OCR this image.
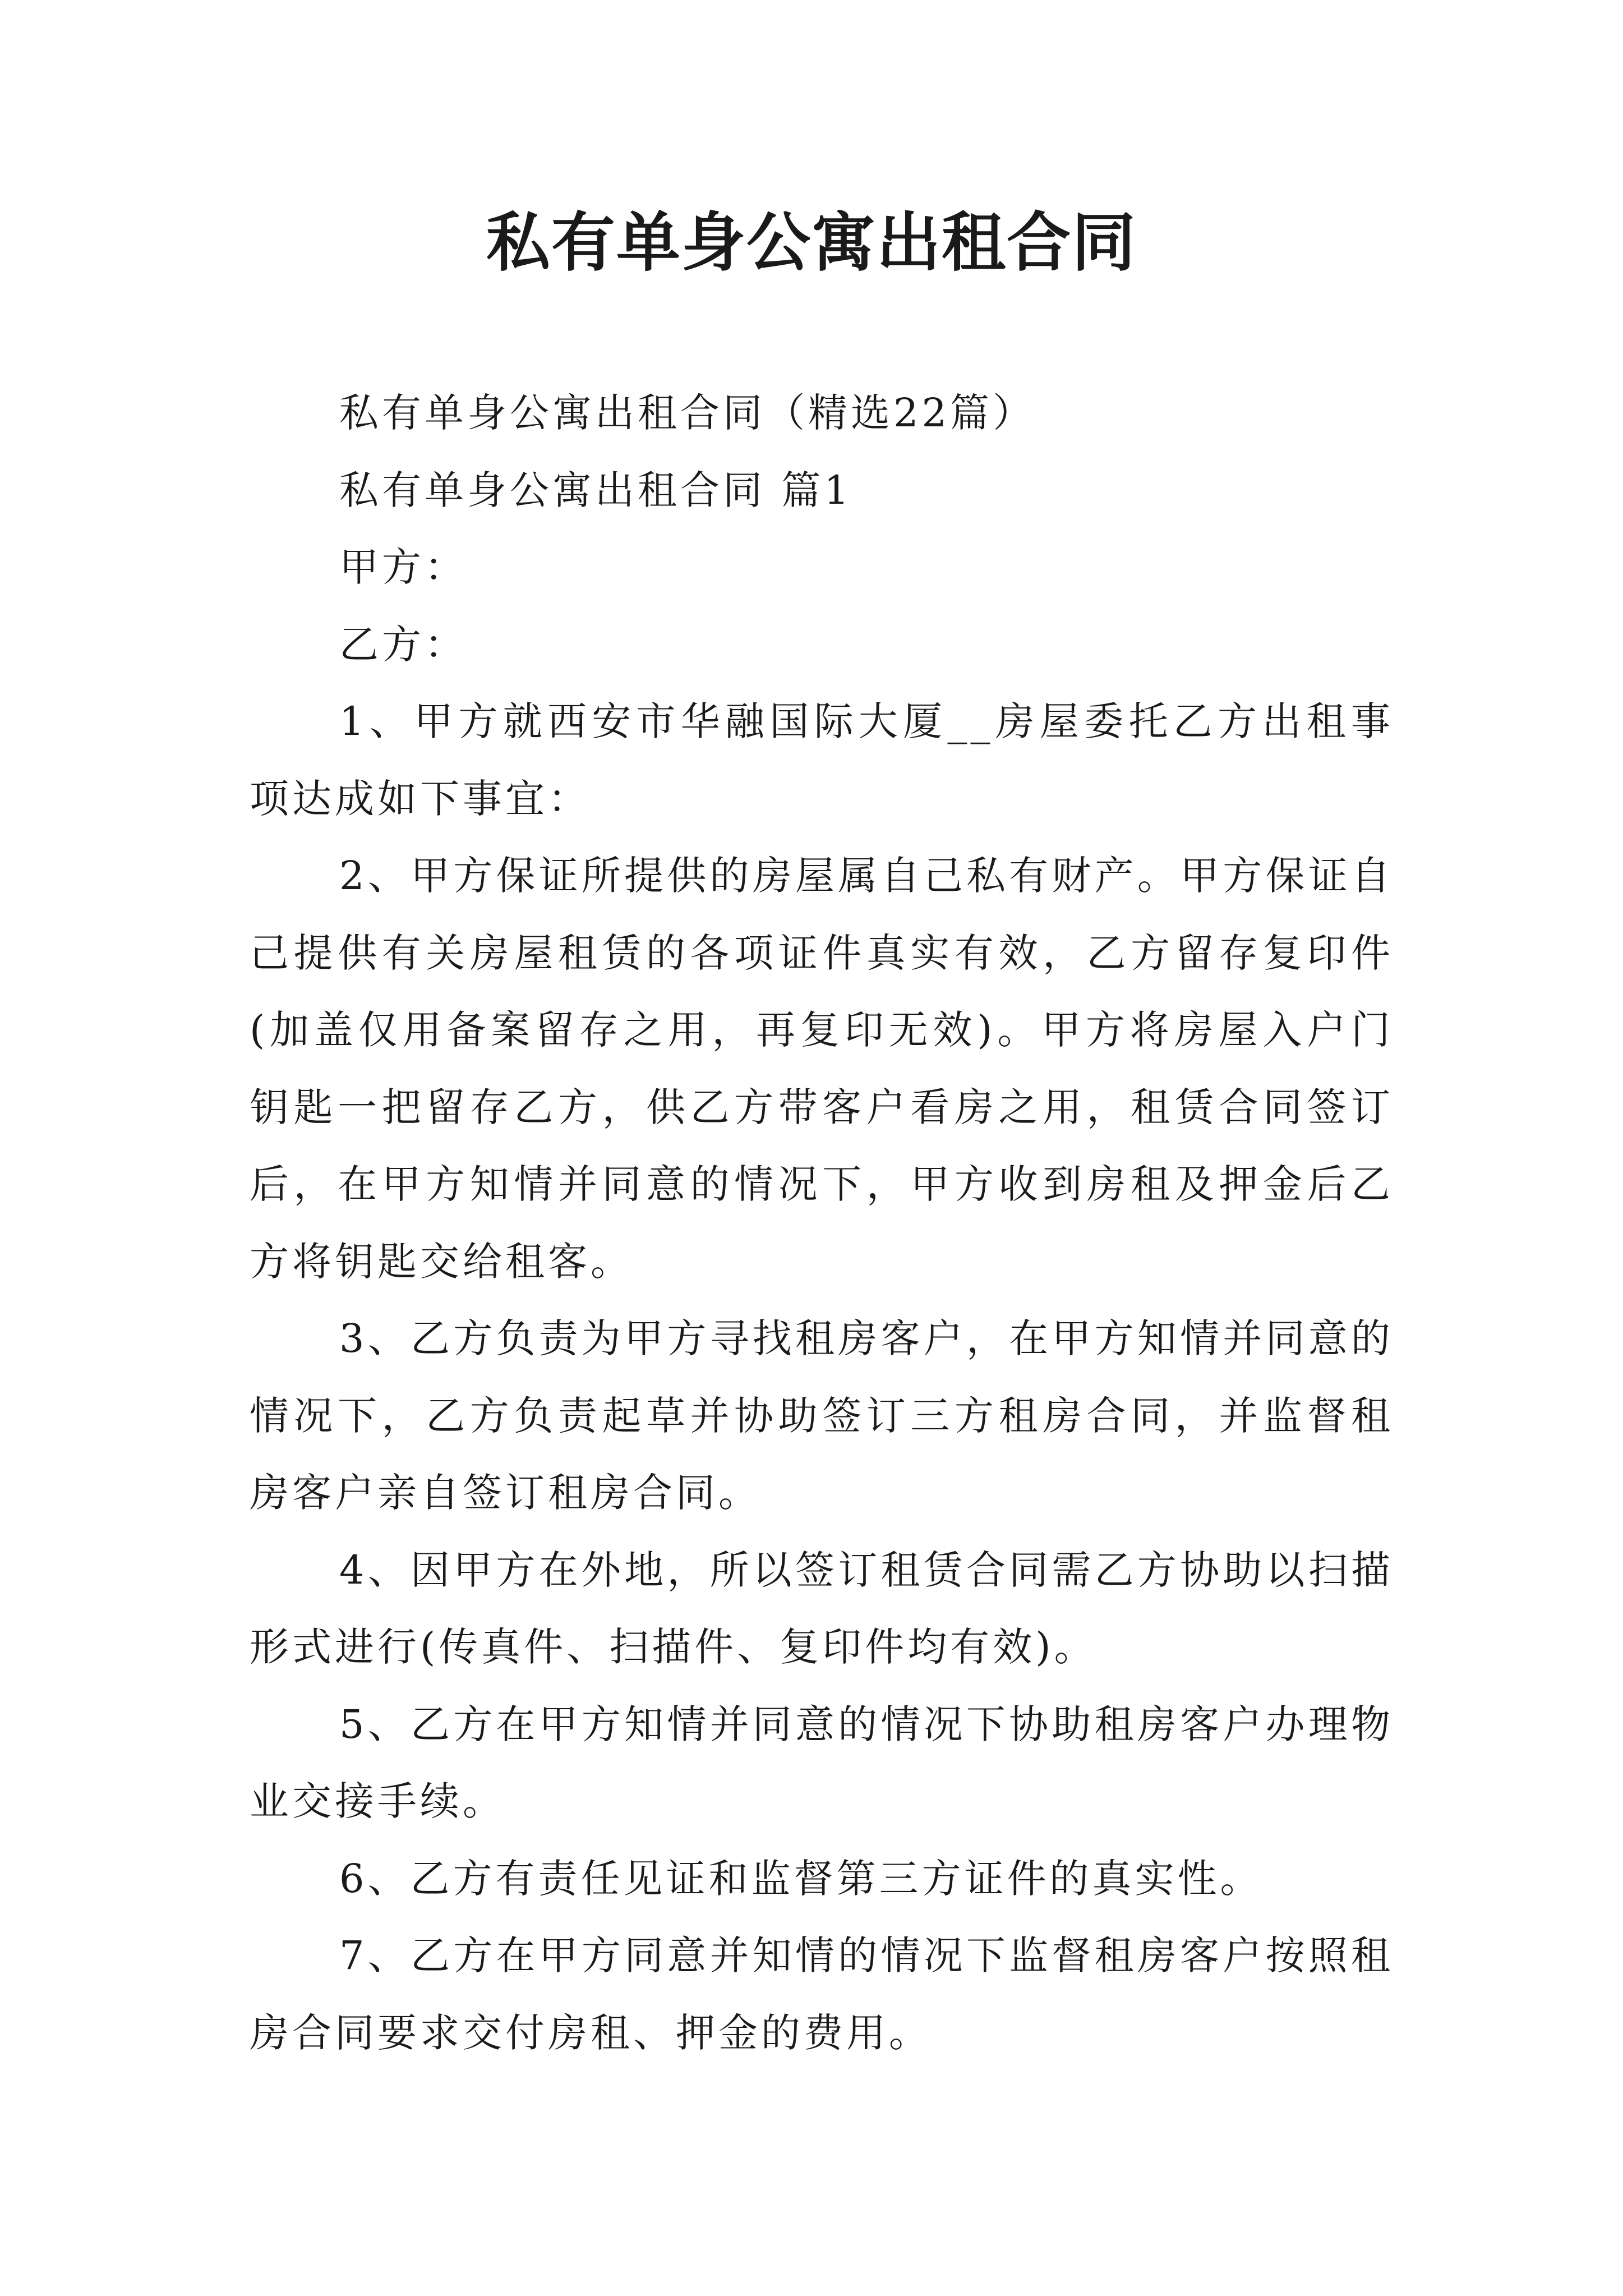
私有单身公寓出租合同

私有单身公寓出租合同（精选22篇）

私有单身公寓出租合同 篇1

甲方：

乙方：

1、甲方就西安市华融国际大厦__房屋委托乙方出租事项达成如下事宜：

2、甲方保证所提供的房屋属自己私有财产。甲方保证自己提供有关房屋租赁的各项证件真实有效，乙方留存复印件(加盖仅用备案留存之用，再复印无效)。甲方将房屋入户门钥匙一把留存乙方，供乙方带客户看房之用，租赁合同签订后，在甲方知情并同意的情况下，甲方收到房租及押金后乙方将钥匙交给租客。

3、乙方负责为甲方寻找租房客户，在甲方知情并同意的情况下，乙方负责起草并协助签订三方租房合同，并监督租房客户亲自签订租房合同。

4、因甲方在外地，所以签订租赁合同需乙方协助以扫描形式进行(传真件、扫描件、复印件均有效)。

5、乙方在甲方知情并同意的情况下协助租房客户办理物业交接手续。

6、乙方有责任见证和监督第三方证件的真实性。

7、乙方在甲方同意并知情的情况下监督租房客户按照租房合同要求交付房租、押金的费用。
